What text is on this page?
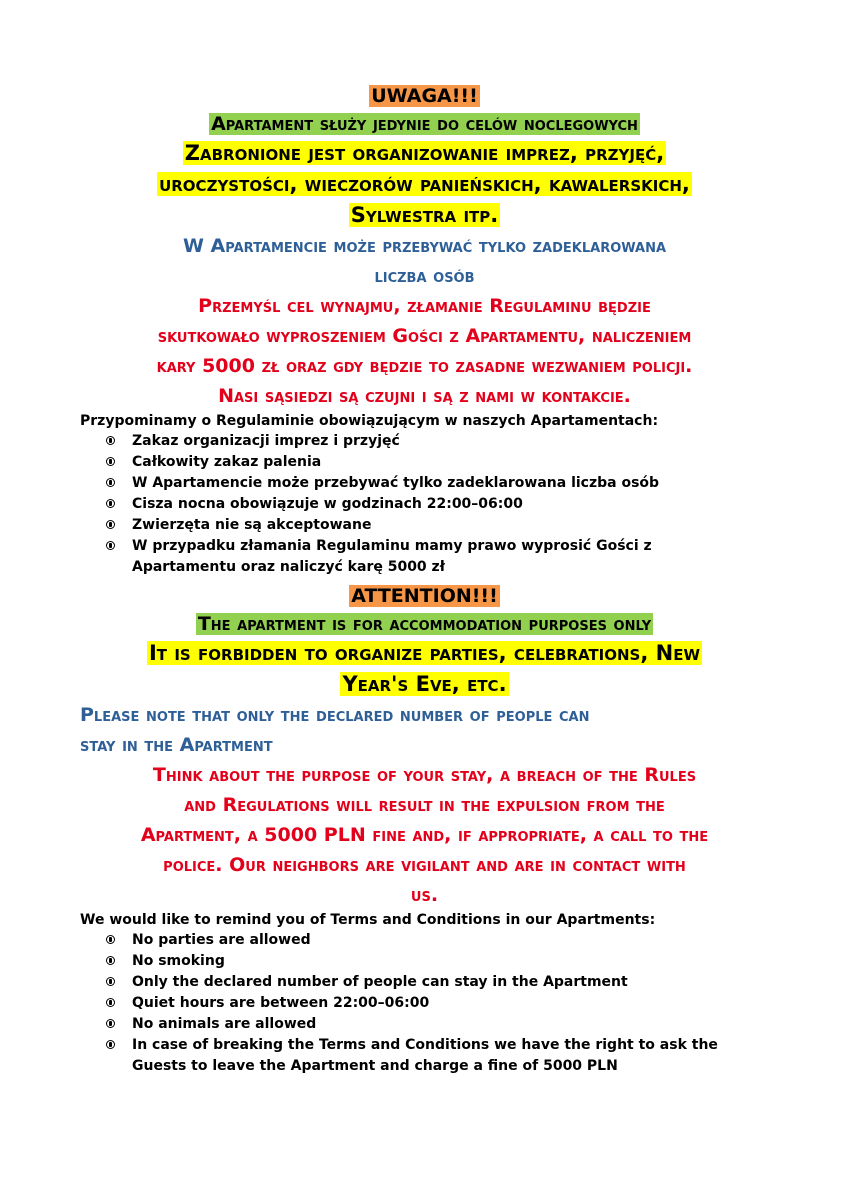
UWAGA!!!

Apartament służy jedynie do celów noclegowych

Zabronione jest organizowanie imprez, przyjęć,
uroczystości, wieczorów panieńskich, kawalerskich,
Sylwestra itp.

W Apartamencie może przebywać tylko zadeklarowana
liczba osób

Przemyśl cel wynajmu, złamanie Regulaminu będzie
skutkowało wyproszeniem Gości z Apartamentu, naliczeniem
kary 5000 zł oraz gdy będzie to zasadne wezwaniem policji.
Nasi sąsiedzi są czujni i są z nami w kontakcie.

Przypominamy o Regulaminie obowiązującym w naszych Apartamentach:

Zakaz organizacji imprez i przyjęć
Całkowity zakaz palenia
W Apartamencie może przebywać tylko zadeklarowana liczba osób
Cisza nocna obowiązuje w godzinach 22:00–06:00
Zwierzęta nie są akceptowane
W przypadku złamania Regulaminu mamy prawo wyprosić Gości z Apartamentu oraz naliczyć karę 5000 zł

ATTENTION!!!

The apartment is for accommodation purposes only

It is forbidden to organize parties, celebrations, New
Year's Eve, etc.

Please note that only the declared number of people can
stay in the Apartment

Think about the purpose of your stay, a breach of the Rules
and Regulations will result in the expulsion from the
Apartment, a 5000 PLN fine and, if appropriate, a call to the
police. Our neighbors are vigilant and are in contact with
us.

We would like to remind you of Terms and Conditions in our Apartments:

No parties are allowed
No smoking
Only the declared number of people can stay in the Apartment
Quiet hours are between 22:00–06:00
No animals are allowed
In case of breaking the Terms and Conditions we have the right to ask the Guests to leave the Apartment and charge a fine of 5000 PLN
